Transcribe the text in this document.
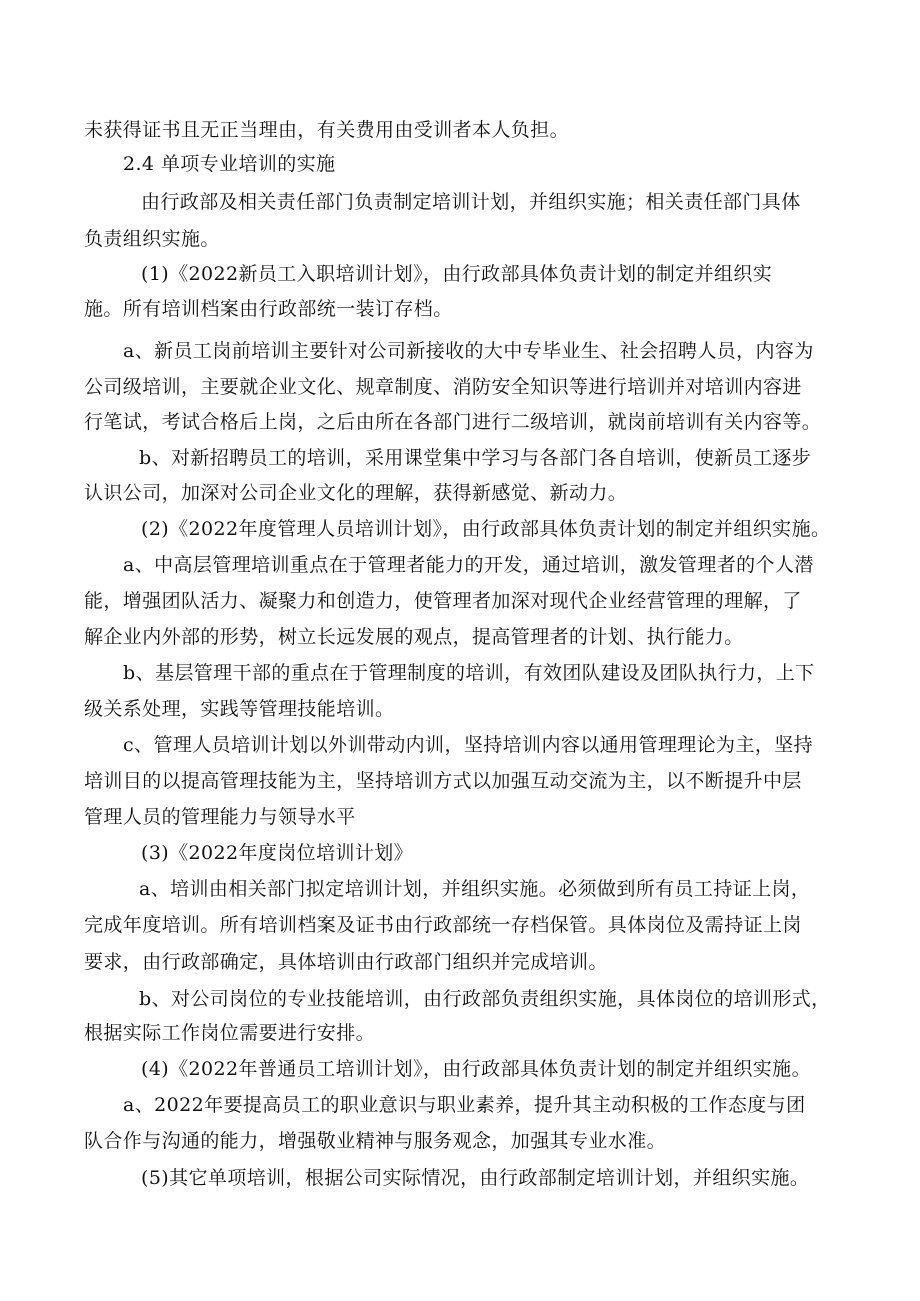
未获得证书且无正当理由，有关费用由受训者本人负担。
2.4 单项专业培训的实施
由行政部及相关责任部门负责制定培训计划，并组织实施；相关责任部门具体
负责组织实施。
(1)《2022新员工入职培训计划》，由行政部具体负责计划的制定并组织实
施。所有培训档案由行政部统一装订存档。
a、新员工岗前培训主要针对公司新接收的大中专毕业生、社会招聘人员，内容为
公司级培训，主要就企业文化、规章制度、消防安全知识等进行培训并对培训内容进
行笔试，考试合格后上岗，之后由所在各部门进行二级培训，就岗前培训有关内容等。
b、对新招聘员工的培训，采用课堂集中学习与各部门各自培训，使新员工逐步
认识公司，加深对公司企业文化的理解，获得新感觉、新动力。
(2)《2022年度管理人员培训计划》，由行政部具体负责计划的制定并组织实施。
a、中高层管理培训重点在于管理者能力的开发，通过培训，激发管理者的个人潜
能，增强团队活力、凝聚力和创造力，使管理者加深对现代企业经营管理的理解，了
解企业内外部的形势，树立长远发展的观点，提高管理者的计划、执行能力。
b、基层管理干部的重点在于管理制度的培训，有效团队建设及团队执行力，上下
级关系处理，实践等管理技能培训。
c、管理人员培训计划以外训带动内训，坚持培训内容以通用管理理论为主，坚持
培训目的以提高管理技能为主，坚持培训方式以加强互动交流为主，以不断提升中层
管理人员的管理能力与领导水平
(3)《2022年度岗位培训计划》
a、培训由相关部门拟定培训计划，并组织实施。必须做到所有员工持证上岗，
完成年度培训。所有培训档案及证书由行政部统一存档保管。具体岗位及需持证上岗
要求，由行政部确定，具体培训由行政部门组织并完成培训。
b、对公司岗位的专业技能培训，由行政部负责组织实施，具体岗位的培训形式，
根据实际工作岗位需要进行安排。
(4)《2022年普通员工培训计划》，由行政部具体负责计划的制定并组织实施。
a、2022年要提高员工的职业意识与职业素养，提升其主动积极的工作态度与团
队合作与沟通的能力，增强敬业精神与服务观念，加强其专业水准。
(5)其它单项培训，根据公司实际情况，由行政部制定培训计划，并组织实施。
